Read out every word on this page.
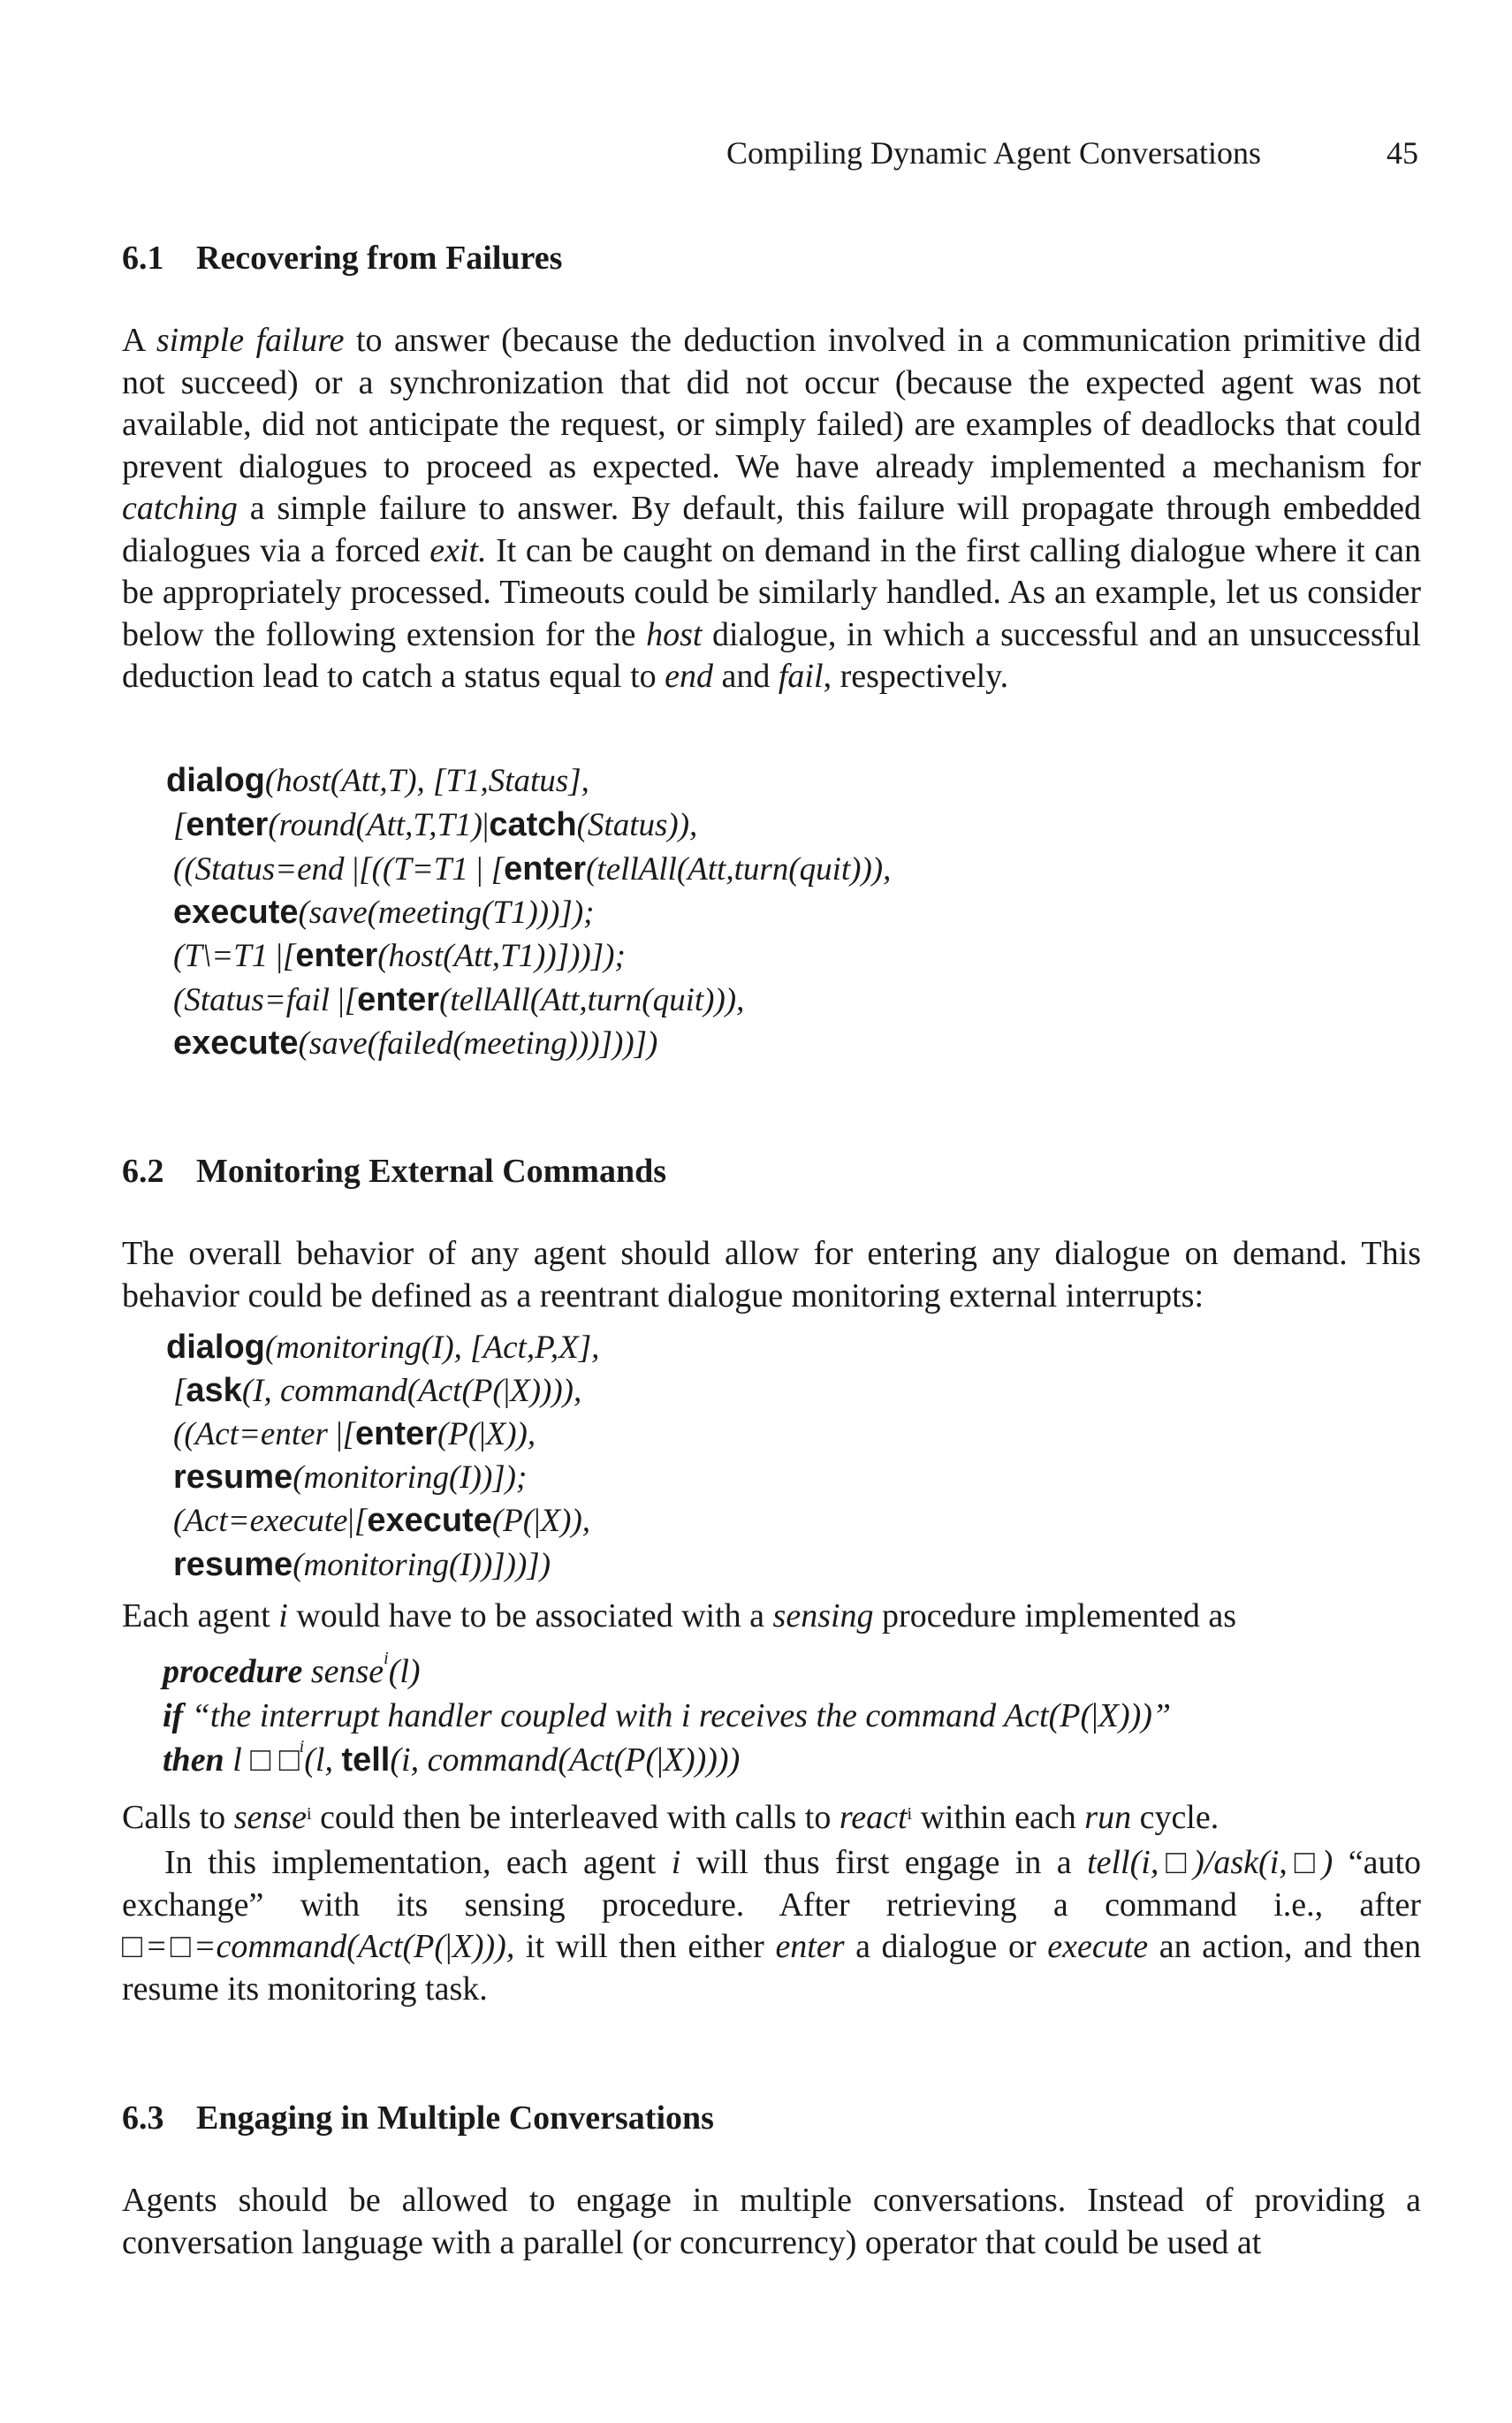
Compiling Dynamic Agent Conversations	45
6.1 Recovering from Failures

A simple failure to answer (because the deduction involved in a communication primitive did not succeed) or a synchronization that did not occur (because the expected agent was not available, did not anticipate the request, or simply failed) are examples of deadlocks that could prevent dialogues to proceed as expected. We have already implemented a mechanism for catching a simple failure to answer. By default, this failure will propagate through embedded dialogues via a forced exit. It can be caught on demand in the first calling dialogue where it can be appropriately processed. Timeouts could be similarly handled. As an example, let us consider below the following extension for the host dialogue, in which a successful and an unsuccessful deduction lead to catch a status equal to end and fail, respectively.

dialog(host(Att,T), [T1,Status],
[enter(round(Att,T,T1)|catch(Status)),
((Status=end |[((T=T1 | [enter(tellAll(Att,turn(quit))),
execute(save(meeting(T1)))]);
(T\=T1 |[enter(host(Att,T1))]))]);
(Status=fail |[enter(tellAll(Att,turn(quit))),
execute(save(failed(meeting)))]))])
6.2 Monitoring External Commands

The overall behavior of any agent should allow for entering any dialogue on demand. This behavior could be defined as a reentrant dialogue monitoring external interrupts:

dialog(monitoring(I), [Act,P,X],
[ask(I, command(Act(P(|X)))),
((Act=enter |[enter(P(|X)),
resume(monitoring(I))]);
(Act=execute|[execute(P(|X)),
resume(monitoring(I))]))])

Each agent i would have to be associated with a sensing procedure implemented as

procedure sense$^i$(l)
if “the interrupt handler coupled with i receives the command Act(P(|X)))”
then l □ □$^i$(l, tell(i, command(Act(P(|X)))))

Calls to sense$^i$ could then be interleaved with calls to react$^i$ within each run cycle.

In this implementation, each agent i will thus first engage in a tell(i,□)/ask(i,□) “auto exchange” with its sensing procedure. After retrieving a command i.e., after □=□=command(Act(P(|X))), it will then either enter a dialogue or execute an action, and then resume its monitoring task.

6.3 Engaging in Multiple Conversations

Agents should be allowed to engage in multiple conversations. Instead of providing a conversation language with a parallel (or concurrency) operator that could be used at
